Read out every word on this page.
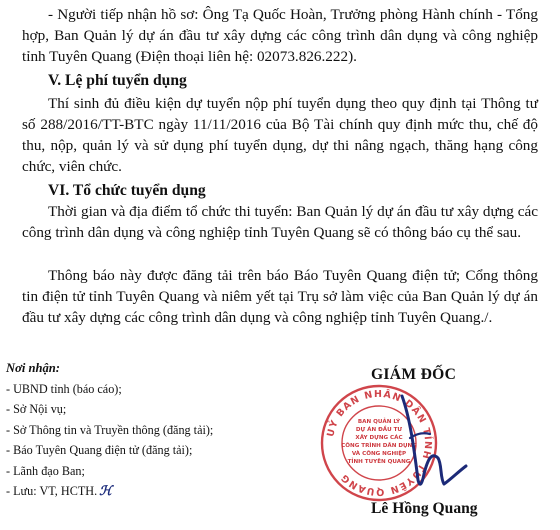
- Người tiếp nhận hồ sơ: Ông Tạ Quốc Hoàn, Trưởng phòng Hành chính - Tổng hợp, Ban Quản lý dự án đầu tư xây dựng các công trình dân dụng và công nghiệp tỉnh Tuyên Quang (Điện thoại liên hệ: 02073.826.222).
V. Lệ phí tuyển dụng
Thí sinh đủ điều kiện dự tuyển nộp phí tuyển dụng theo quy định tại Thông tư số 288/2016/TT-BTC ngày 11/11/2016 của Bộ Tài chính quy định mức thu, chế độ thu, nộp, quản lý và sử dụng phí tuyển dụng, dự thi nâng ngạch, thăng hạng công chức, viên chức.
VI. Tổ chức tuyển dụng
Thời gian và địa điểm tổ chức thi tuyển: Ban Quản lý dự án đầu tư xây dựng các công trình dân dụng và công nghiệp tỉnh Tuyên Quang sẽ có thông báo cụ thể sau.
Thông báo này được đăng tải trên báo Báo Tuyên Quang điện tử; Cổng thông tin điện tử tỉnh Tuyên Quang và niêm yết tại Trụ sở làm việc của Ban Quản lý dự án đầu tư xây dựng các công trình dân dụng và công nghiệp tỉnh Tuyên Quang./.
Nơi nhận:
- UBND tỉnh (báo cáo);
- Sở Nội vụ;
- Sở Thông tin và Truyền thông (đăng tải);
- Báo Tuyên Quang điện tử (đăng tải);
- Lãnh đạo Ban;
- Lưu: VT, HCTH. ℋ
GIÁM ĐỐC
UỶ BAN NHÂN DÂN TỈNH TUYÊN QUANG
BAN QUẢN LÝ
DỰ ÁN ĐẦU TƯ
XÂY DỰNG CÁC
CÔNG TRÌNH DÂN DỤNG
VÀ CÔNG NGHIỆP
TỈNH TUYÊN QUANG
Lê Hồng Quang
